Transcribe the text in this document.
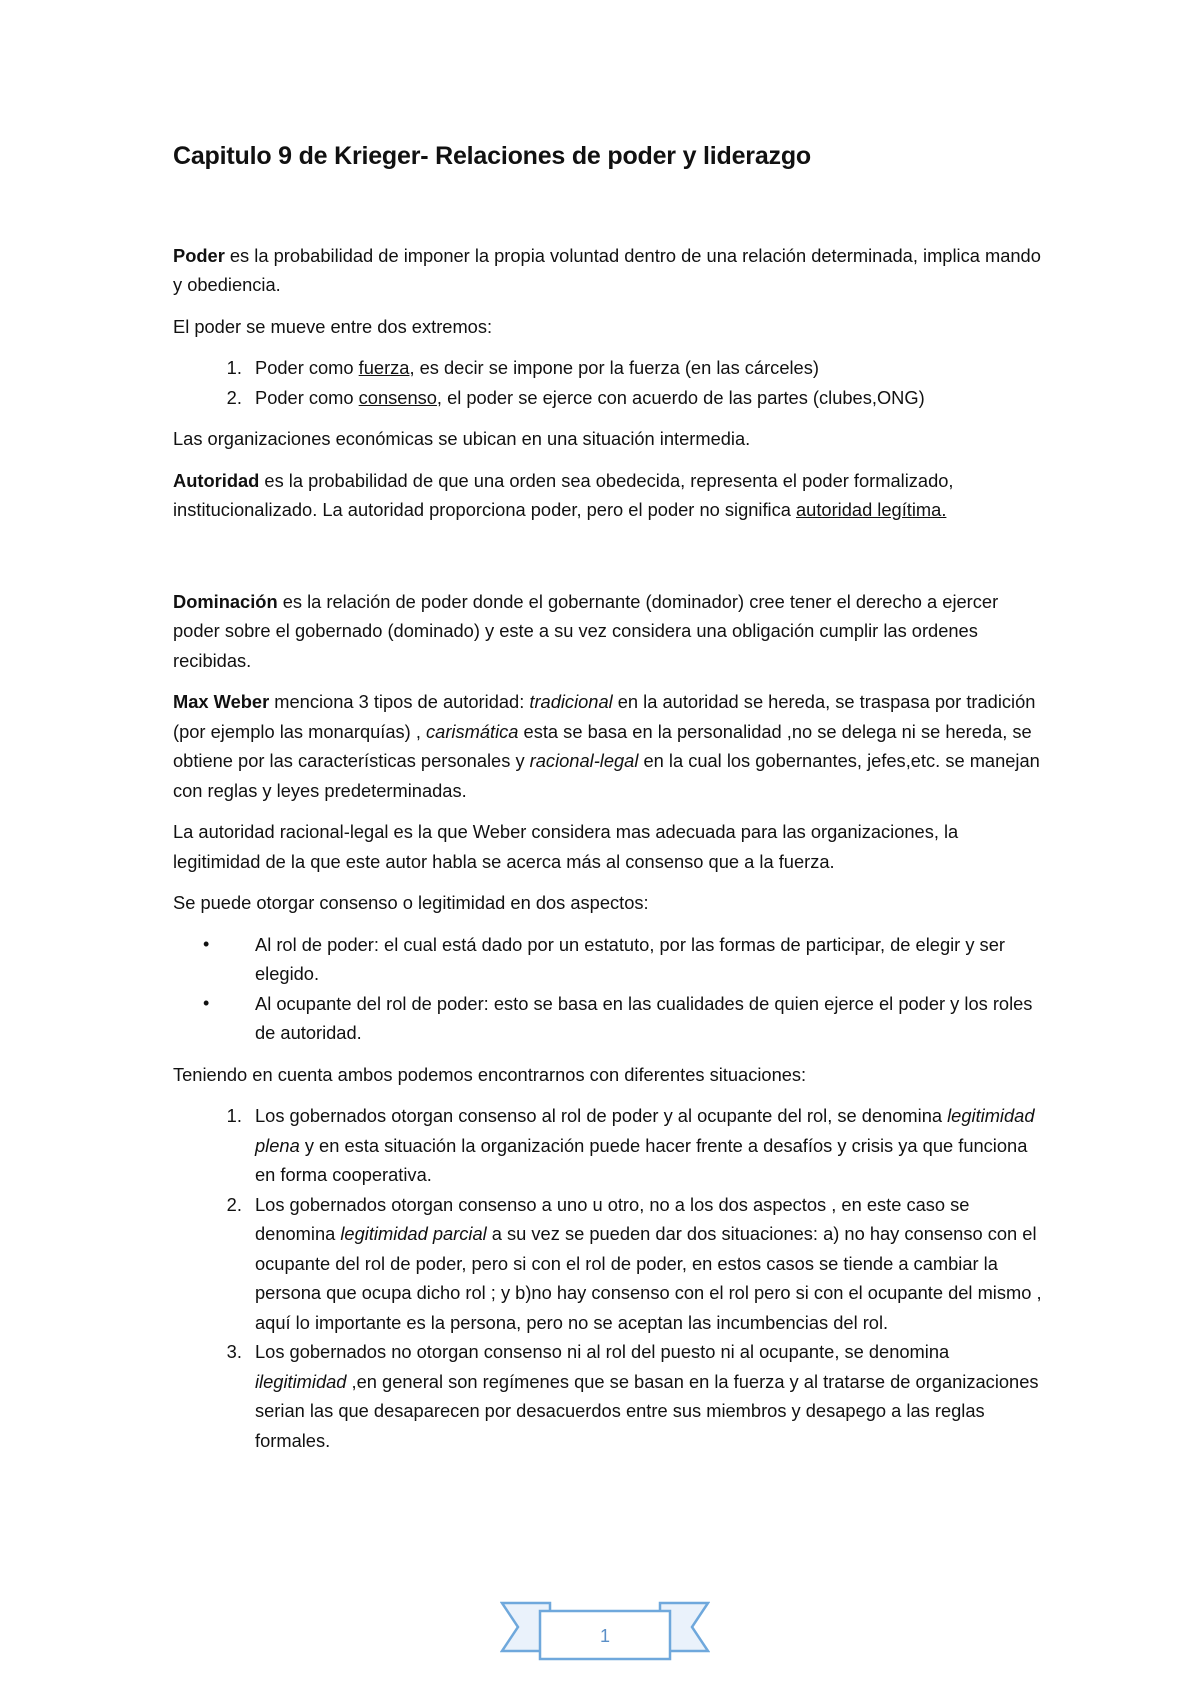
Capitulo 9 de Krieger- Relaciones de poder y liderazgo

Poder es la probabilidad de imponer la propia voluntad dentro de una relación determinada, implica mando y obediencia.

El poder se mueve entre dos extremos:

1. Poder como fuerza, es decir se impone por la fuerza (en las cárceles)
2. Poder como consenso, el poder se ejerce con acuerdo de las partes (clubes,ONG)

Las organizaciones económicas se ubican en una situación intermedia.

Autoridad es la probabilidad de que una orden sea obedecida, representa el poder formalizado, institucionalizado. La autoridad proporciona poder, pero el poder no significa autoridad legítima.

Dominación es la relación de poder donde el gobernante (dominador) cree tener el derecho a ejercer poder sobre el gobernado (dominado) y este a su vez considera una obligación cumplir las ordenes recibidas.

Max Weber menciona 3 tipos de autoridad: tradicional en la autoridad se hereda, se traspasa por tradición (por ejemplo las monarquías) , carismática esta se basa en la personalidad ,no se delega ni se hereda, se obtiene por las características personales y racional-legal en la cual los gobernantes, jefes,etc. se manejan con reglas y leyes predeterminadas.

La autoridad racional-legal es la que Weber considera mas adecuada para las organizaciones, la legitimidad de la que este autor habla se acerca más al consenso que a la fuerza.

Se puede otorgar consenso o legitimidad en dos aspectos:

• Al rol de poder: el cual está dado por un estatuto, por las formas de participar, de elegir y ser elegido.
• Al ocupante del rol de poder: esto se basa en las cualidades de quien ejerce el poder y los roles de autoridad.

Teniendo en cuenta ambos podemos encontrarnos con diferentes situaciones:

1. Los gobernados otorgan consenso al rol de poder y al ocupante del rol, se denomina legitimidad plena y en esta situación la organización puede hacer frente a desafíos y crisis ya que funciona en forma cooperativa.
2. Los gobernados otorgan consenso a uno u otro, no a los dos aspectos , en este caso se denomina legitimidad parcial a su vez se pueden dar dos situaciones: a) no hay consenso con el ocupante del rol de poder, pero si con el rol de poder, en estos casos se tiende a cambiar la persona que ocupa dicho rol ; y b)no hay consenso con el rol pero si con el ocupante del mismo , aquí lo importante es la persona, pero no se aceptan las incumbencias del rol.
3. Los gobernados no otorgan consenso ni al rol del puesto ni al ocupante, se denomina ilegitimidad ,en general son regímenes que se basan en la fuerza y al tratarse de organizaciones serian las que desaparecen por desacuerdos entre sus miembros y desapego a las reglas formales.
1
